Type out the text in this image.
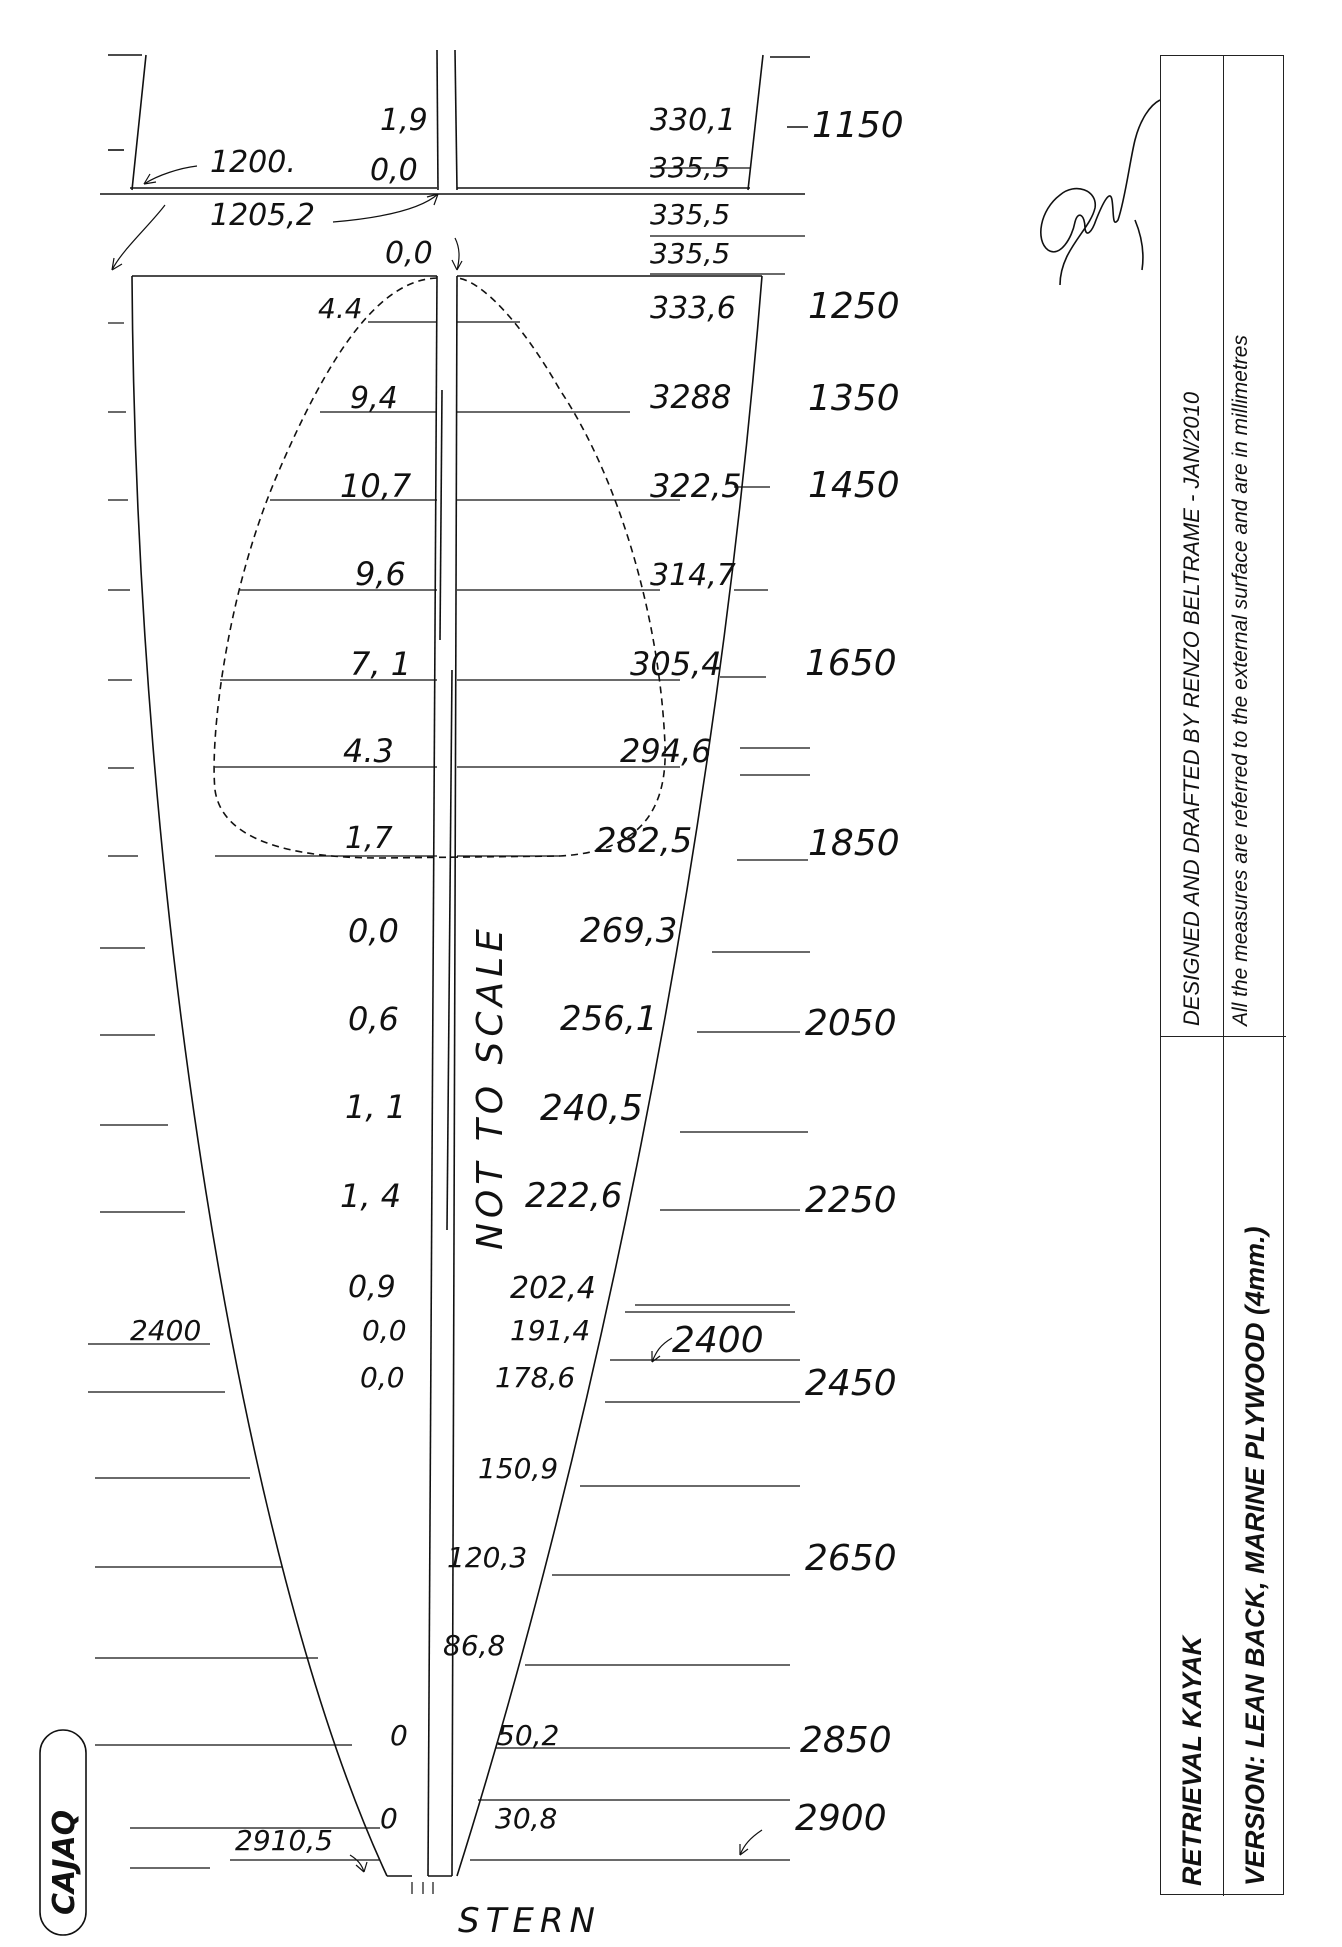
1,9	330,1 1150
1200. 0,0	335,5
1205,2	335,5
0,0	335,5
4.4	333,6 1250
9,4	3288 1350
10,7	322,5 1450
9,6	314,7
7, 1	305,4 1650
4.3	294,6
1,7	282,5	1850
0,0	269,3
0,6	256,1	2050
1, 1	240,5
1, 4	222,6	2250
0,9	202,4
2400	0,0	191,4 2400
0,0	178,6	2450
150,9
120,3	2650
86,8
0	50,2	2850
2910,5
0	30,8	2900
NOT TO SCALE
STERN
CAJAQ	RETRIEVAL KAYAK
DESIGNED AND DRAFTED BY RENZO BELTRAME - JAN/2010
VERSION: LEAN BACK, MARINE PLYWOOD (4mm.)
All the measures are referred to the external surface and are in millimetres
